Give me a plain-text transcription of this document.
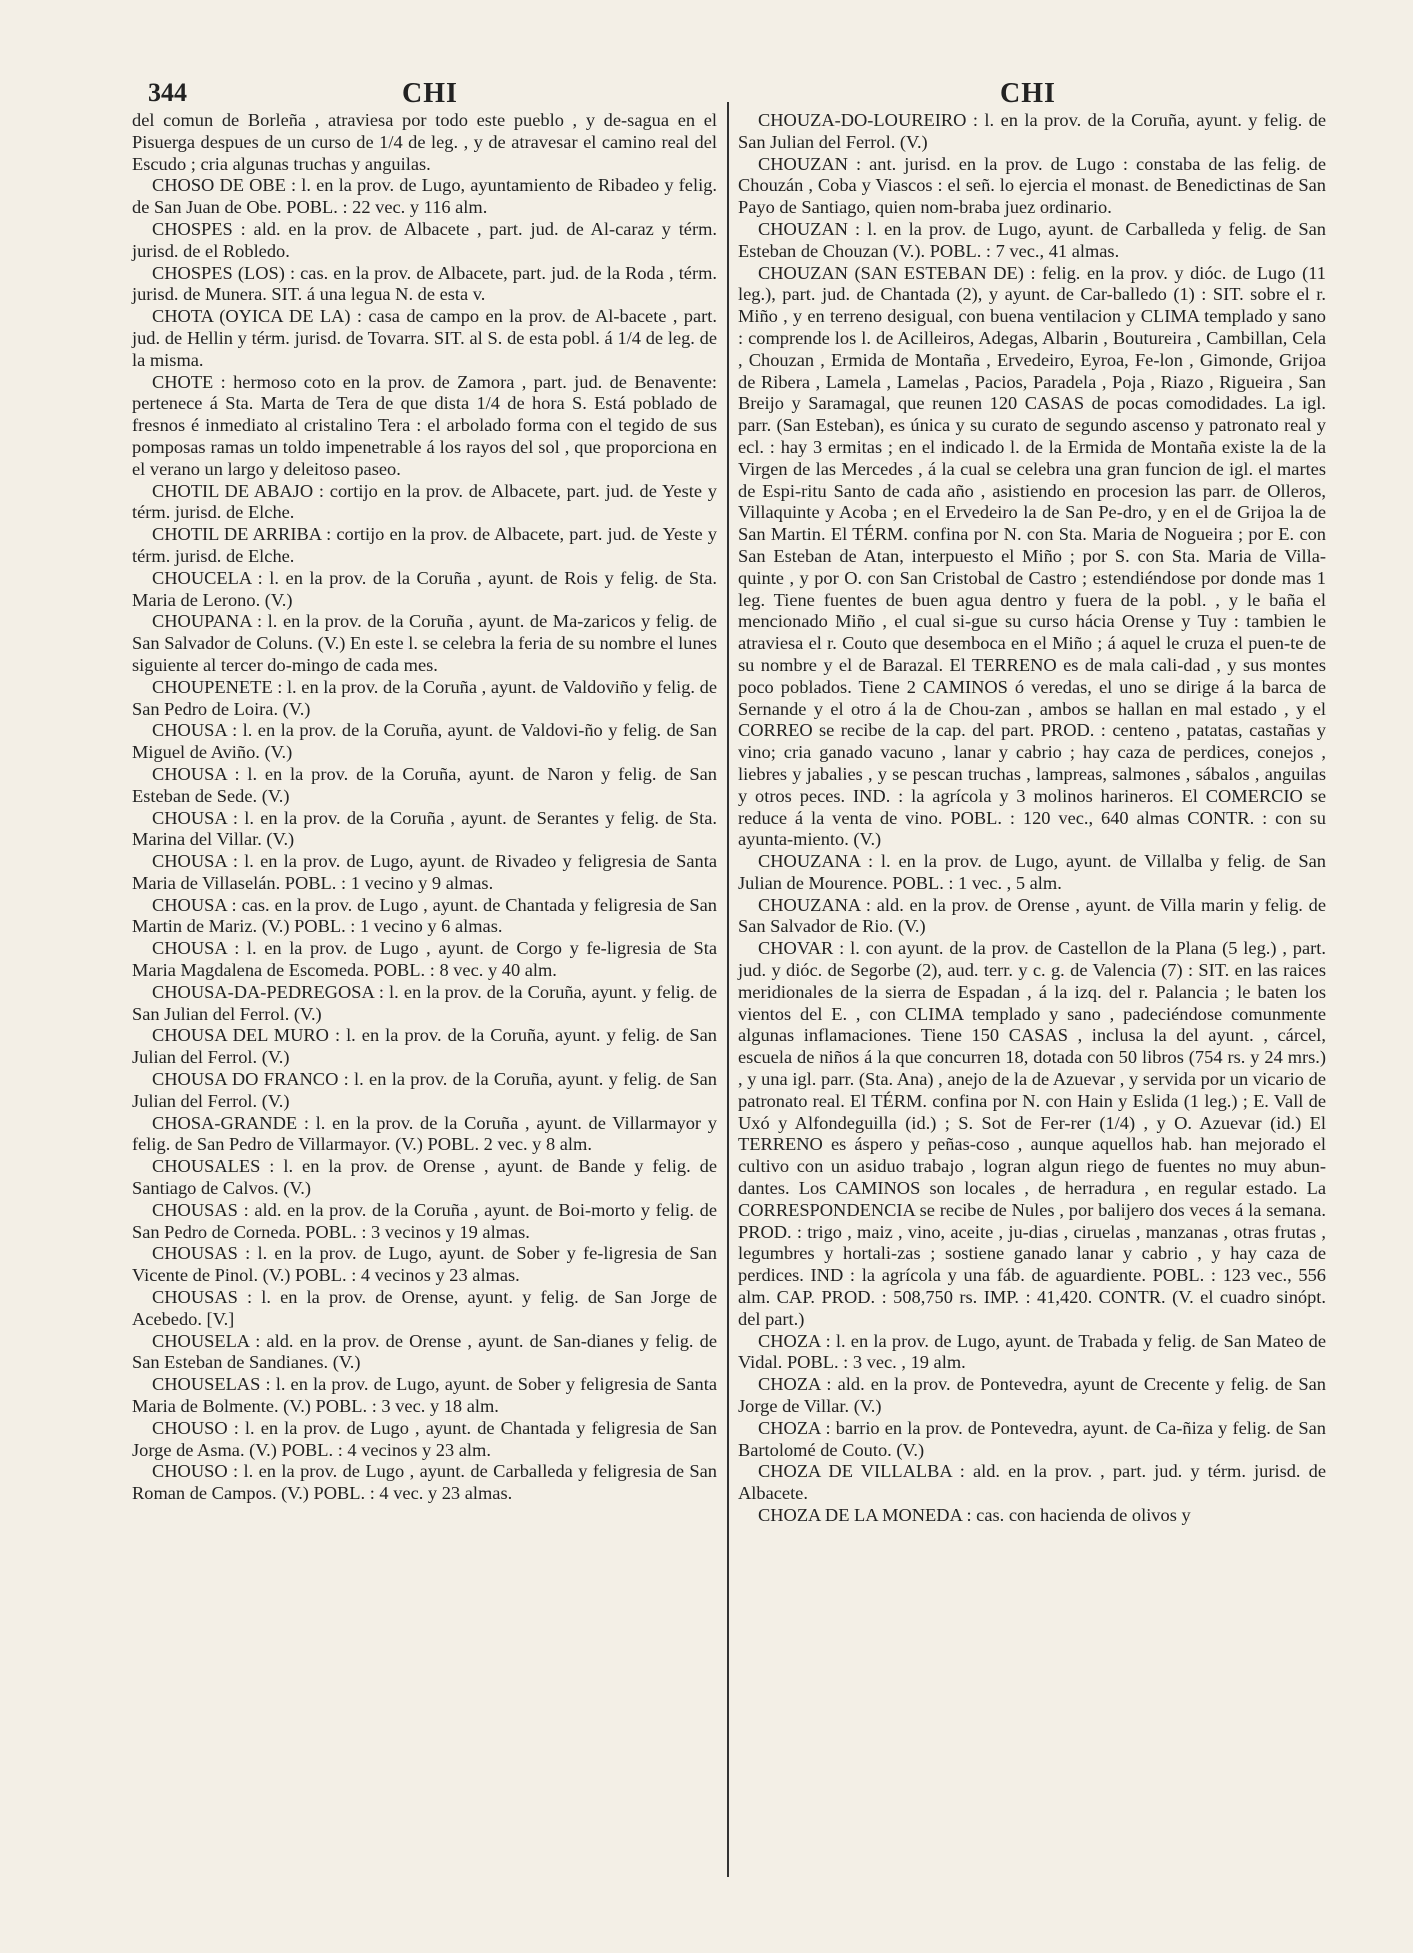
344	CHI	CHI

del comun de Borleña , atraviesa por todo este pueblo , y de-sagua en el Pisuerga despues de un curso de 1/4 de leg. , y de atravesar el camino real del Escudo ; cria algunas truchas y anguilas.

CHOSO DE OBE : l. en la prov. de Lugo, ayuntamiento de Ribadeo y felig. de San Juan de Obe. POBL. : 22 vec. y 116 alm.

CHOSPES : ald. en la prov. de Albacete , part. jud. de Al-caraz y térm. jurisd. de el Robledo.

CHOSPES (LOS) : cas. en la prov. de Albacete, part. jud. de la Roda , térm. jurisd. de Munera. SIT. á una legua N. de esta v.

CHOTA (OYICA DE LA) : casa de campo en la prov. de Al-bacete , part. jud. de Hellin y térm. jurisd. de Tovarra. SIT. al S. de esta pobl. á 1/4 de leg. de la misma.

CHOTE : hermoso coto en la prov. de Zamora , part. jud. de Benavente: pertenece á Sta. Marta de Tera de que dista 1/4 de hora S. Está poblado de fresnos é inmediato al cristalino Tera : el arbolado forma con el tegido de sus pomposas ramas un toldo impenetrable á los rayos del sol , que proporciona en el verano un largo y deleitoso paseo.

CHOTIL DE ABAJO : cortijo en la prov. de Albacete, part. jud. de Yeste y térm. jurisd. de Elche.

CHOTIL DE ARRIBA : cortijo en la prov. de Albacete, part. jud. de Yeste y térm. jurisd. de Elche.

CHOUCELA : l. en la prov. de la Coruña , ayunt. de Rois y felig. de Sta. Maria de Lerono. (V.)

CHOUPANA : l. en la prov. de la Coruña , ayunt. de Ma-zaricos y felig. de San Salvador de Coluns. (V.) En este l. se celebra la feria de su nombre el lunes siguiente al tercer do-mingo de cada mes.

CHOUPENETE : l. en la prov. de la Coruña , ayunt. de Valdoviño y felig. de San Pedro de Loira. (V.)

CHOUSA : l. en la prov. de la Coruña, ayunt. de Valdovi-ño y felig. de San Miguel de Aviño. (V.)

CHOUSA : l. en la prov. de la Coruña, ayunt. de Naron y felig. de San Esteban de Sede. (V.)

CHOUSA : l. en la prov. de la Coruña , ayunt. de Serantes y felig. de Sta. Marina del Villar. (V.)

CHOUSA : l. en la prov. de Lugo, ayunt. de Rivadeo y feligresia de Santa Maria de Villaselán. POBL. : 1 vecino y 9 almas.

CHOUSA : cas. en la prov. de Lugo , ayunt. de Chantada y feligresia de San Martin de Mariz. (V.) POBL. : 1 vecino y 6 almas.

CHOUSA : l. en la prov. de Lugo , ayunt. de Corgo y fe-ligresia de Sta Maria Magdalena de Escomeda. POBL. : 8 vec. y 40 alm.

CHOUSA-DA-PEDREGOSA : l. en la prov. de la Coruña, ayunt. y felig. de San Julian del Ferrol. (V.)

CHOUSA DEL MURO : l. en la prov. de la Coruña, ayunt. y felig. de San Julian del Ferrol. (V.)

CHOUSA DO FRANCO : l. en la prov. de la Coruña, ayunt. y felig. de San Julian del Ferrol. (V.)

CHOSA-GRANDE : l. en la prov. de la Coruña , ayunt. de Villarmayor y felig. de San Pedro de Villarmayor. (V.) POBL. 2 vec. y 8 alm.

CHOUSALES : l. en la prov. de Orense , ayunt. de Bande y felig. de Santiago de Calvos. (V.)

CHOUSAS : ald. en la prov. de la Coruña , ayunt. de Boi-morto y felig. de San Pedro de Corneda. POBL. : 3 vecinos y 19 almas.

CHOUSAS : l. en la prov. de Lugo, ayunt. de Sober y fe-ligresia de San Vicente de Pinol. (V.) POBL. : 4 vecinos y 23 almas.

CHOUSAS : l. en la prov. de Orense, ayunt. y felig. de San Jorge de Acebedo. [V.]

CHOUSELA : ald. en la prov. de Orense , ayunt. de San-dianes y felig. de San Esteban de Sandianes. (V.)

CHOUSELAS : l. en la prov. de Lugo, ayunt. de Sober y feligresia de Santa Maria de Bolmente. (V.) POBL. : 3 vec. y 18 alm.

CHOUSO : l. en la prov. de Lugo , ayunt. de Chantada y feligresia de San Jorge de Asma. (V.) POBL. : 4 vecinos y 23 alm.

CHOUSO : l. en la prov. de Lugo , ayunt. de Carballeda y feligresia de San Roman de Campos. (V.) POBL. : 4 vec. y 23 almas.

CHOUZA-DO-LOUREIRO : l. en la prov. de la Coruña, ayunt. y felig. de San Julian del Ferrol. (V.)

CHOUZAN : ant. jurisd. en la prov. de Lugo : constaba de las felig. de Chouzán , Coba y Viascos : el señ. lo ejercia el monast. de Benedictinas de San Payo de Santiago, quien nom-braba juez ordinario.

CHOUZAN : l. en la prov. de Lugo, ayunt. de Carballeda y felig. de San Esteban de Chouzan (V.). POBL. : 7 vec., 41 almas.

CHOUZAN (SAN ESTEBAN DE) : felig. en la prov. y dióc. de Lugo (11 leg.), part. jud. de Chantada (2), y ayunt. de Car-balledo (1) : SIT. sobre el r. Miño , y en terreno desigual, con buena ventilacion y CLIMA templado y sano : comprende los l. de Acilleiros, Adegas, Albarin , Boutureira , Cambillan, Cela , Chouzan , Ermida de Montaña , Ervedeiro, Eyroa, Fe-lon , Gimonde, Grijoa de Ribera , Lamela , Lamelas , Pacios, Paradela , Poja , Riazo , Rigueira , San Breijo y Saramagal, que reunen 120 CASAS de pocas comodidades. La igl. parr. (San Esteban), es única y su curato de segundo ascenso y patronato real y ecl. : hay 3 ermitas ; en el indicado l. de la Ermida de Montaña existe la de la Virgen de las Mercedes , á la cual se celebra una gran funcion de igl. el martes de Espi-ritu Santo de cada año , asistiendo en procesion las parr. de Olleros, Villaquinte y Acoba ; en el Ervedeiro la de San Pe-dro, y en el de Grijoa la de San Martin. El TÉRM. confina por N. con Sta. Maria de Nogueira ; por E. con San Esteban de Atan, interpuesto el Miño ; por S. con Sta. Maria de Villa-quinte , y por O. con San Cristobal de Castro ; estendiéndose por donde mas 1 leg. Tiene fuentes de buen agua dentro y fuera de la pobl. , y le baña el mencionado Miño , el cual si-gue su curso hácia Orense y Tuy : tambien le atraviesa el r. Couto que desemboca en el Miño ; á aquel le cruza el puen-te de su nombre y el de Barazal. El TERRENO es de mala cali-dad , y sus montes poco poblados. Tiene 2 CAMINOS ó veredas, el uno se dirige á la barca de Sernande y el otro á la de Chou-zan , ambos se hallan en mal estado , y el CORREO se recibe de la cap. del part. PROD. : centeno , patatas, castañas y vino; cria ganado vacuno , lanar y cabrio ; hay caza de perdices, conejos , liebres y jabalies , y se pescan truchas , lampreas, salmones , sábalos , anguilas y otros peces. IND. : la agrícola y 3 molinos harineros. El COMERCIO se reduce á la venta de vino. POBL. : 120 vec., 640 almas CONTR. : con su ayunta-miento. (V.)

CHOUZANA : l. en la prov. de Lugo, ayunt. de Villalba y felig. de San Julian de Mourence. POBL. : 1 vec. , 5 alm.

CHOUZANA : ald. en la prov. de Orense , ayunt. de Villa marin y felig. de San Salvador de Rio. (V.)

CHOVAR : l. con ayunt. de la prov. de Castellon de la Plana (5 leg.) , part. jud. y dióc. de Segorbe (2), aud. terr. y c. g. de Valencia (7) : SIT. en las raices meridionales de la sierra de Espadan , á la izq. del r. Palancia ; le baten los vientos del E. , con CLIMA templado y sano , padeciéndose comunmente algunas inflamaciones. Tiene 150 CASAS , inclusa la del ayunt. , cárcel, escuela de niños á la que concurren 18, dotada con 50 libros (754 rs. y 24 mrs.) , y una igl. parr. (Sta. Ana) , anejo de la de Azuevar , y servida por un vicario de patronato real. El TÉRM. confina por N. con Hain y Eslida (1 leg.) ; E. Vall de Uxó y Alfondeguilla (id.) ; S. Sot de Fer-rer (1/4) , y O. Azuevar (id.) El TERRENO es áspero y peñas-coso , aunque aquellos hab. han mejorado el cultivo con un asiduo trabajo , logran algun riego de fuentes no muy abun-dantes. Los CAMINOS son locales , de herradura , en regular estado. La CORRESPONDENCIA se recibe de Nules , por balijero dos veces á la semana. PROD. : trigo , maiz , vino, aceite , ju-dias , ciruelas , manzanas , otras frutas , legumbres y hortali-zas ; sostiene ganado lanar y cabrio , y hay caza de perdices. IND : la agrícola y una fáb. de aguardiente. POBL. : 123 vec., 556 alm. CAP. PROD. : 508,750 rs. IMP. : 41,420. CONTR. (V. el cuadro sinópt. del part.)

CHOZA : l. en la prov. de Lugo, ayunt. de Trabada y felig. de San Mateo de Vidal. POBL. : 3 vec. , 19 alm.

CHOZA : ald. en la prov. de Pontevedra, ayunt de Crecente y felig. de San Jorge de Villar. (V.)

CHOZA : barrio en la prov. de Pontevedra, ayunt. de Ca-ñiza y felig. de San Bartolomé de Couto. (V.)

CHOZA DE VILLALBA : ald. en la prov. , part. jud. y térm. jurisd. de Albacete.

CHOZA DE LA MONEDA : cas. con hacienda de olivos y
